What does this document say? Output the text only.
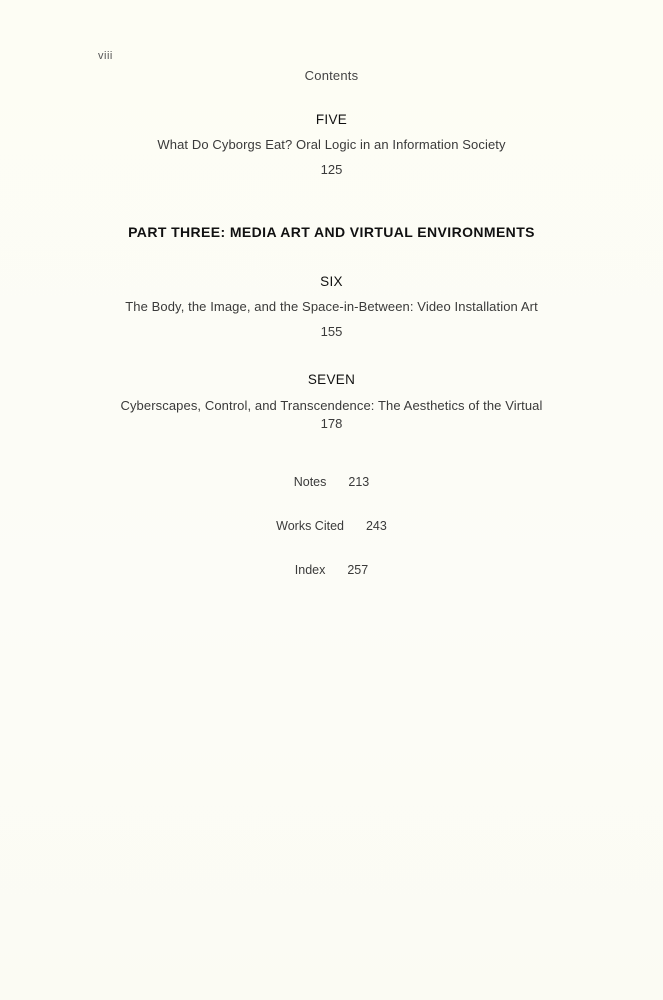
viii
Contents
FIVE
What Do Cyborgs Eat? Oral Logic in an Information Society
125
PART THREE: MEDIA ART AND VIRTUAL ENVIRONMENTS
SIX
The Body, the Image, and the Space-in-Between: Video Installation Art
155
SEVEN
Cyberscapes, Control, and Transcendence: The Aesthetics of the Virtual
178
Notes 213
Works Cited 243
Index 257
